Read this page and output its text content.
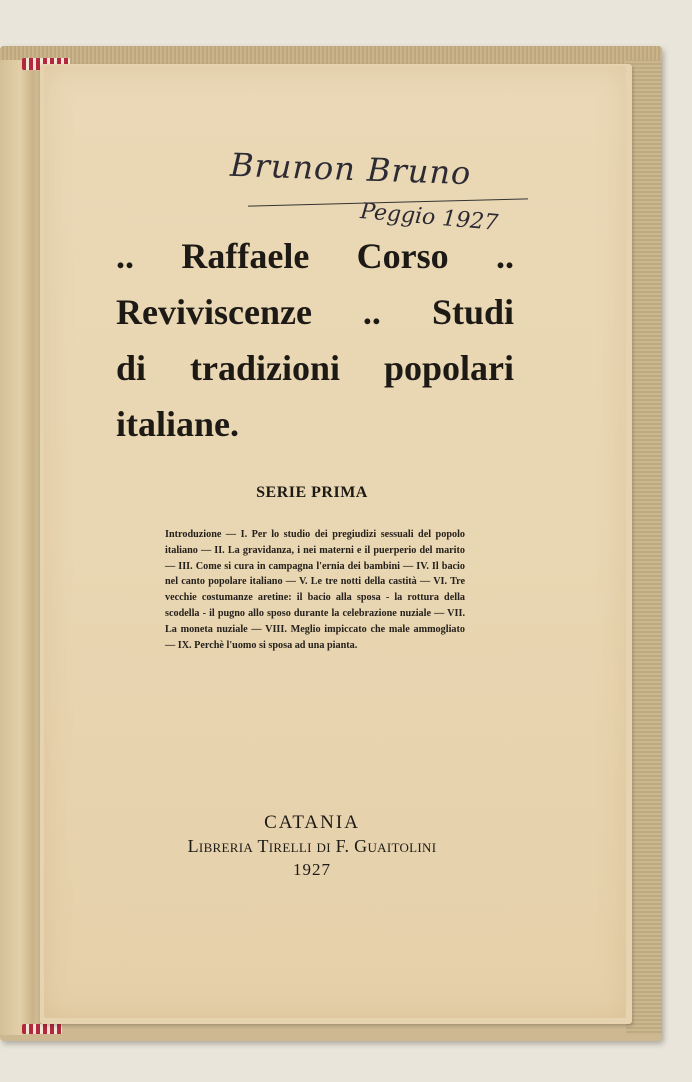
Brunon Bruno
Peggio 1927
.. Raffaele Corso ..
Reviviscenze .. Studi
di tradizioni popolari
italiane.

SERIE PRIMA

Introduzione — I. Per lo studio dei pregiudizi sessuali del popolo italiano — II. La gravidanza, i nei materni e il puerperio del marito — III. Come si cura in campagna l'ernia dei bambini — IV. Il bacio nel canto popolare italiano — V. Le tre notti della castità — VI. Tre vecchie costumanze aretine: il bacio alla sposa - la rottura della scodella - il pugno allo sposo durante la celebrazione nuziale — VII. La moneta nuziale — VIII. Meglio impiccato che male ammogliato — IX. Perchè l'uomo si sposa ad una pianta.

CATANIA

Libreria Tirelli di F. Guaitolini

1927
